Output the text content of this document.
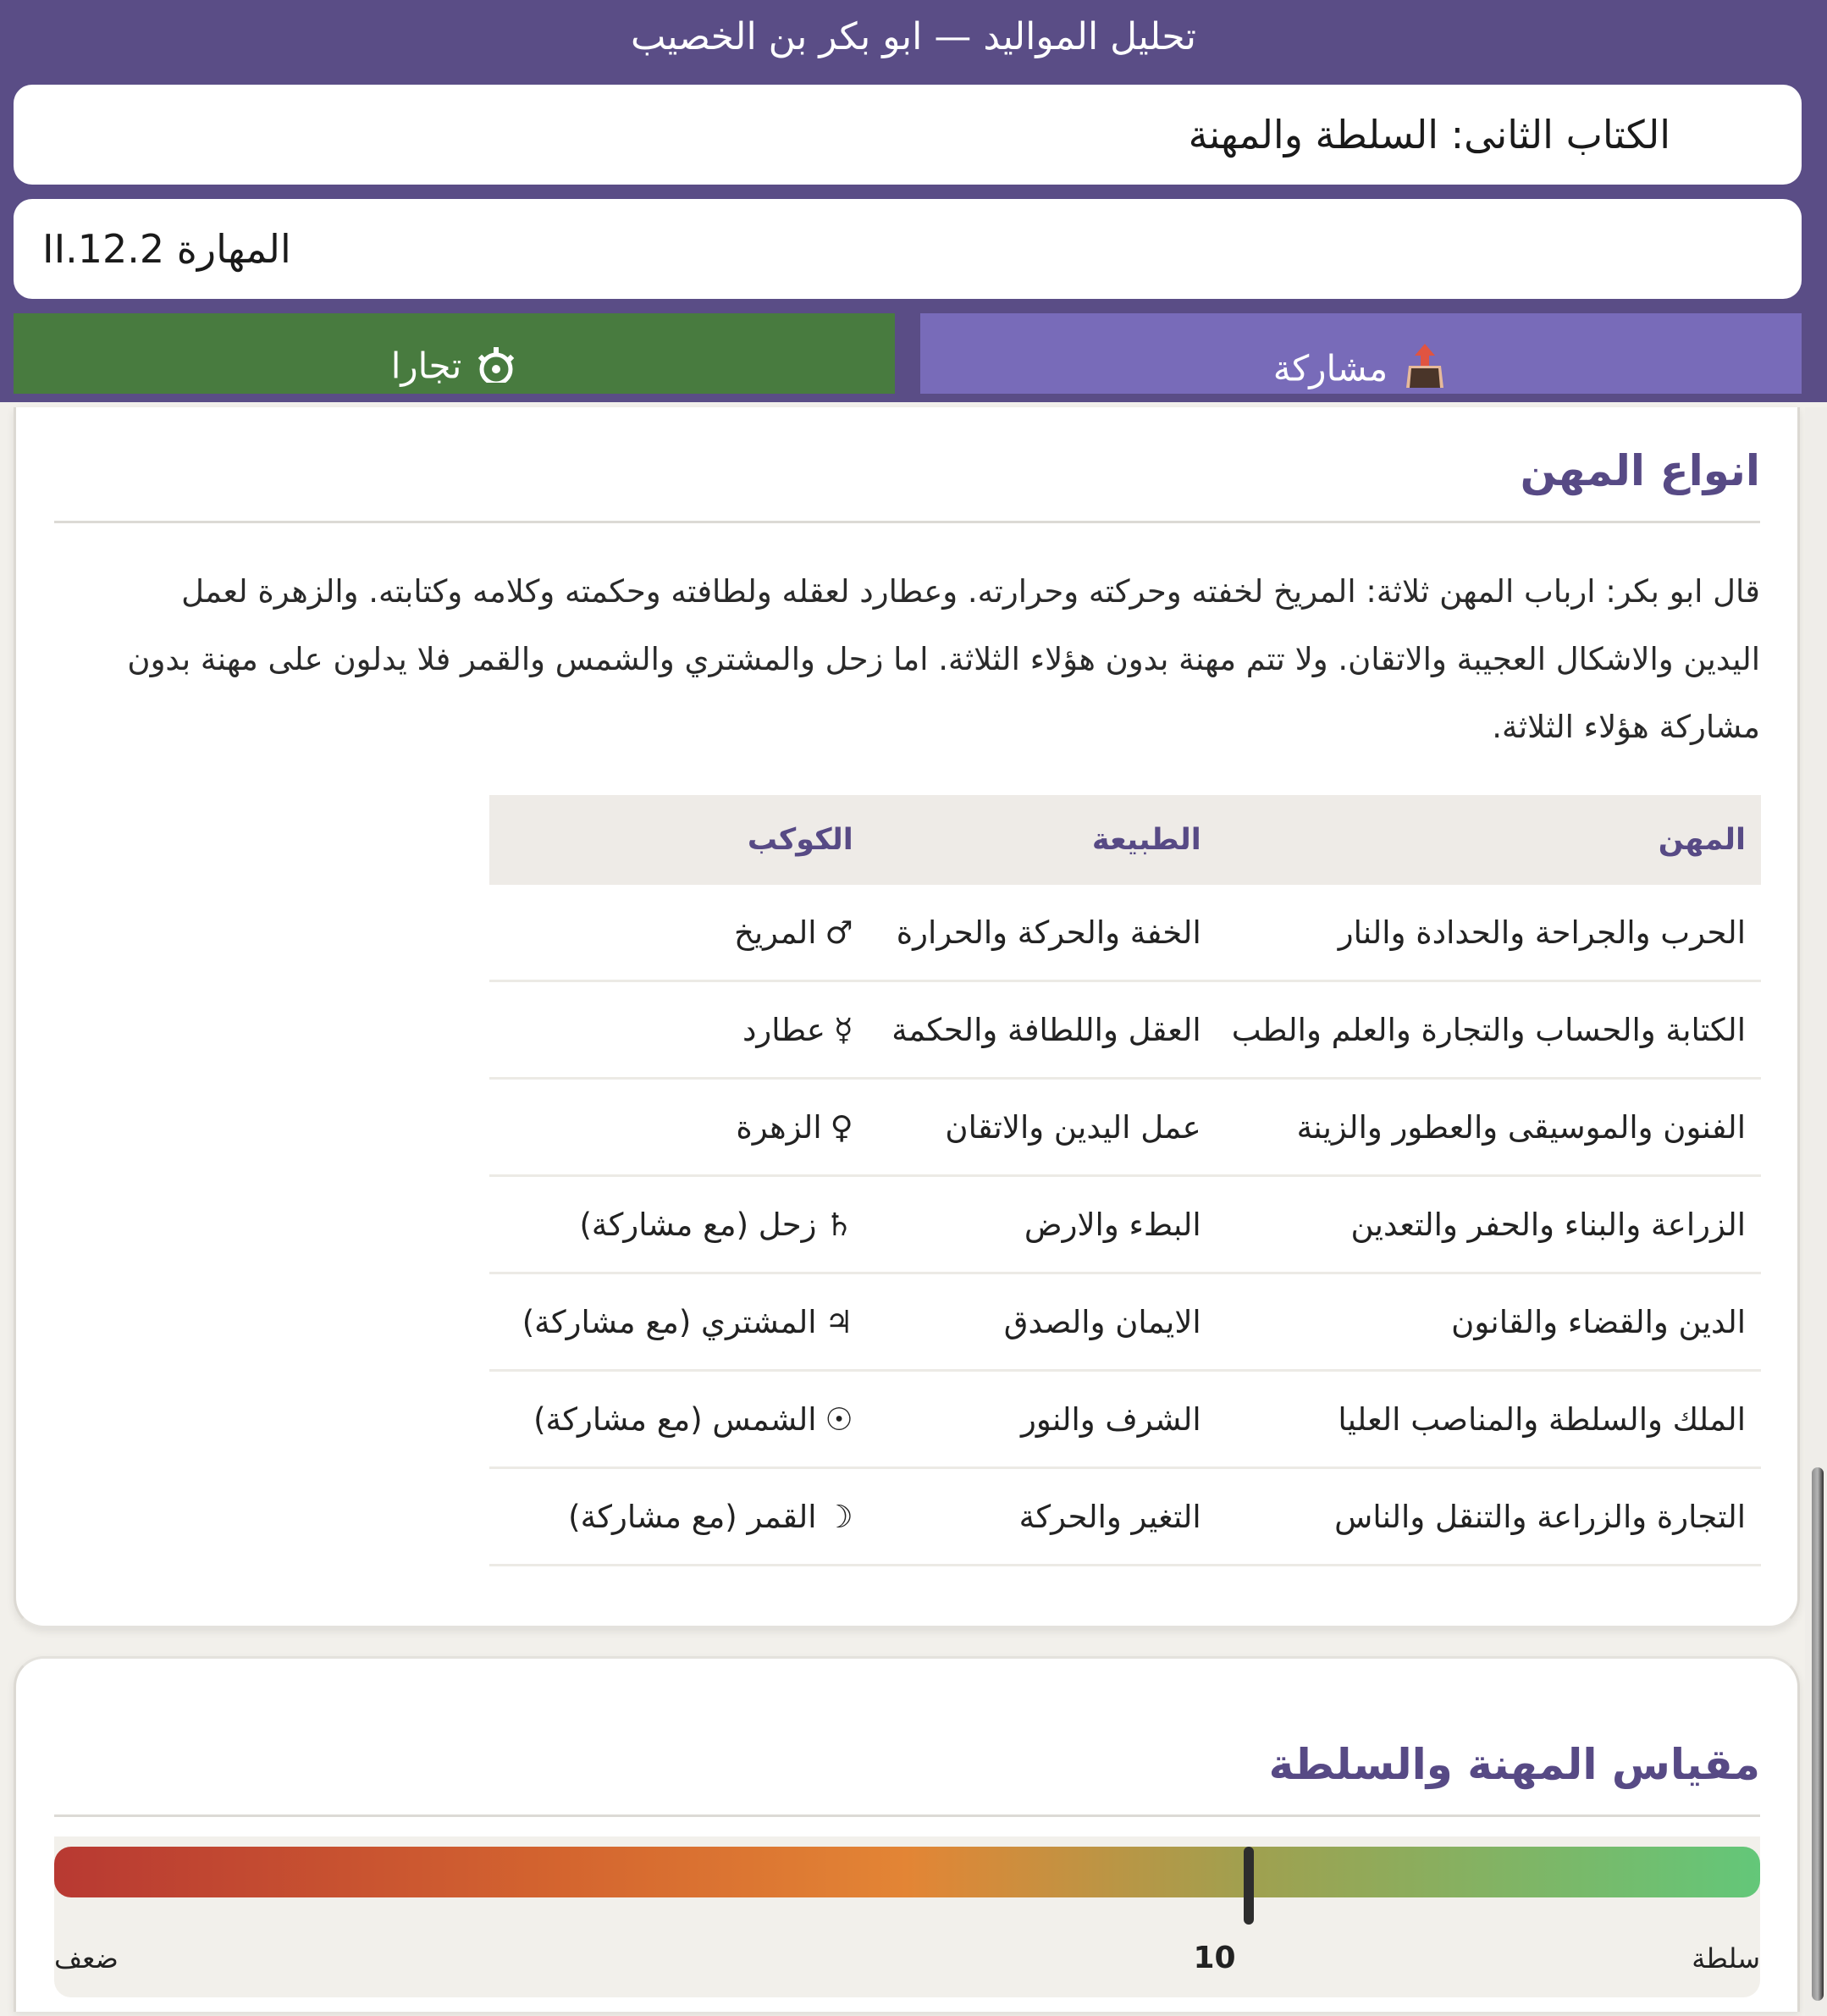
تحليل المواليد — ابو بكر بن الخصيب
الكتاب الثانى: السلطة والمهنة
المهارة II.12.2
مشاركة
تجارا
انواع المهن
قال ابو بكر: ارباب المهن ثلاثة: المريخ لخفته وحركته وحرارته. وعطارد لعقله ولطافته وحكمته وكلامه وكتابته. والزهرة لعمل اليدين والاشكال العجيبة والاتقان. ولا تتم مهنة بدون هؤلاء الثلاثة. اما زحل والمشتري والشمس والقمر فلا يدلون على مهنة بدون مشاركة هؤلاء الثلاثة.
المهن	الطبيعة	الكوكب
الحرب والجراحة والحدادة والنار	الخفة والحركة والحرارة	♂المريخ
الكتابة والحساب والتجارة والعلم والطب	العقل واللطافة والحكمة	☿عطارد
الفنون والموسيقى والعطور والزينة	عمل اليدين والاتقان	♀الزهرة
الزراعة والبناء والحفر والتعدين	البطء والارض	♄زحل (مع مشاركة)
الدين والقضاء والقانون	الايمان والصدق	♃المشتري (مع مشاركة)
الملك والسلطة والمناصب العليا	الشرف والنور	☉الشمس (مع مشاركة)
التجارة والزراعة والتنقل والناس	التغير والحركة	☽القمر (مع مشاركة)
مقياس المهنة والسلطة
ضعف	10	سلطة
